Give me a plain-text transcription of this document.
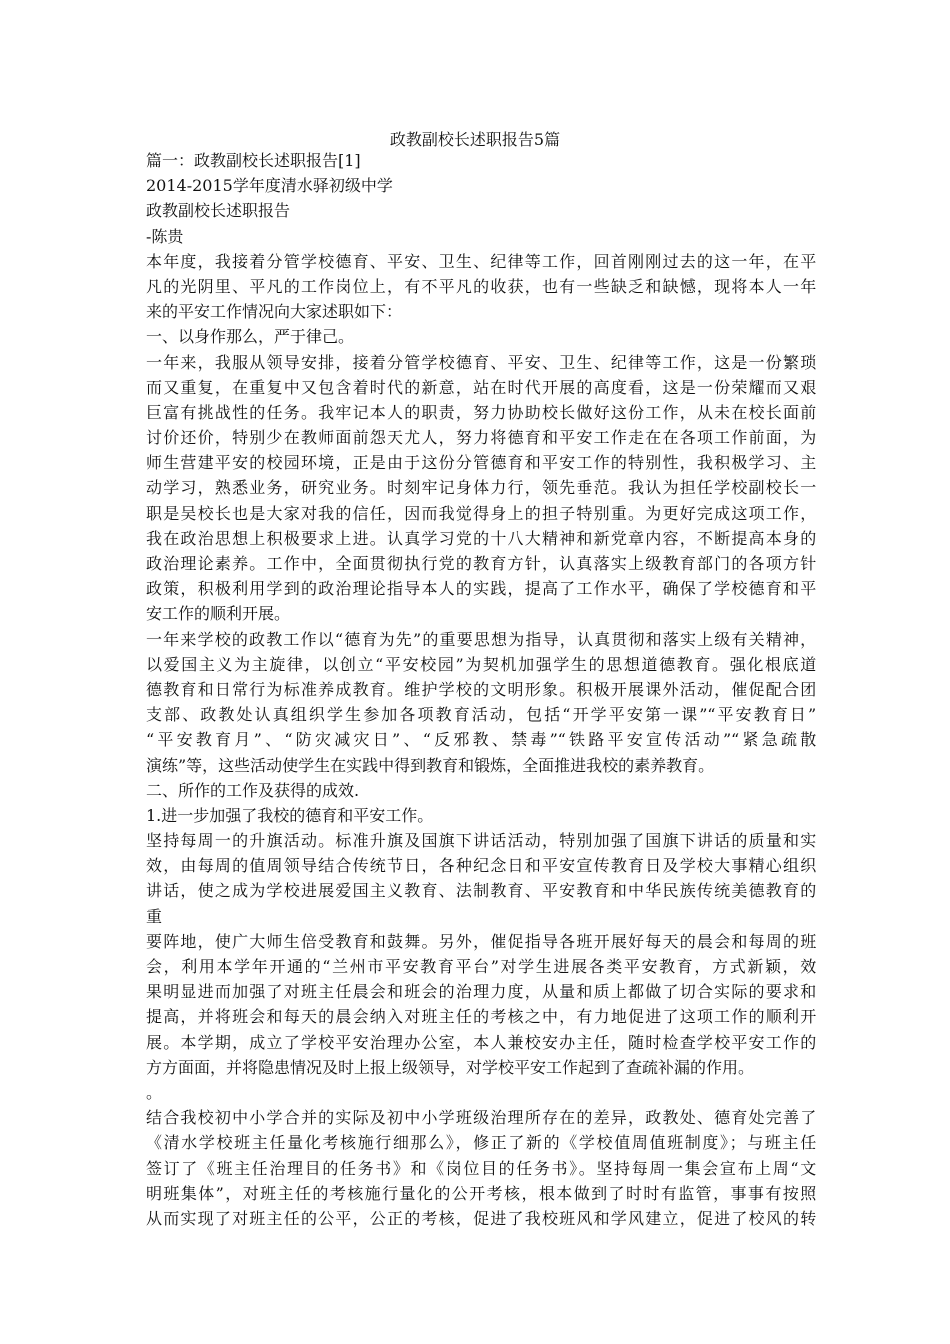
政教副校长述职报告5篇
篇一：政教副校长述职报告[1]
2014-2015学年度清水驿初级中学
政教副校长述职报告
-陈贵
本年度，我接着分管学校德育、平安、卫生、纪律等工作，回首刚刚过去的这一年，在平
凡的光阴里、平凡的工作岗位上，有不平凡的收获，也有一些缺乏和缺憾，现将本人一年
来的平安工作情况向大家述职如下：
一、以身作那么，严于律己。
一年来，我服从领导安排，接着分管学校德育、平安、卫生、纪律等工作，这是一份繁琐
而又重复，在重复中又包含着时代的新意，站在时代开展的高度看，这是一份荣耀而又艰
巨富有挑战性的任务。我牢记本人的职责，努力协助校长做好这份工作，从未在校长面前
讨价还价，特别少在教师面前怨天尤人，努力将德育和平安工作走在在各项工作前面，为
师生营建平安的校园环境，正是由于这份分管德育和平安工作的特别性，我积极学习、主
动学习，熟悉业务，研究业务。时刻牢记身体力行，领先垂范。我认为担任学校副校长一
职是吴校长也是大家对我的信任，因而我觉得身上的担子特别重。为更好完成这项工作，
我在政治思想上积极要求上进。认真学习党的十八大精神和新党章内容，不断提高本身的
政治理论素养。工作中，全面贯彻执行党的教育方针，认真落实上级教育部门的各项方针
政策，积极利用学到的政治理论指导本人的实践，提高了工作水平，确保了学校德育和平
安工作的顺利开展。
一年来学校的政教工作以“德育为先”的重要思想为指导，认真贯彻和落实上级有关精神，
以爱国主义为主旋律，以创立“平安校园”为契机加强学生的思想道德教育。强化根底道
德教育和日常行为标准养成教育。维护学校的文明形象。积极开展课外活动，催促配合团
支部、政教处认真组织学生参加各项教育活动，包括“开学平安第一课”“平安教育日”
“平安教育月”、“防灾减灾日”、“反邪教、禁毒”“铁路平安宣传活动”“紧急疏散
演练”等，这些活动使学生在实践中得到教育和锻炼，全面推进我校的素养教育。
二、所作的工作及获得的成效.
1.进一步加强了我校的德育和平安工作。
坚持每周一的升旗活动。标准升旗及国旗下讲话活动，特别加强了国旗下讲话的质量和实
效，由每周的值周领导结合传统节日，各种纪念日和平安宣传教育日及学校大事精心组织
讲话，使之成为学校进展爱国主义教育、法制教育、平安教育和中华民族传统美德教育的
重
要阵地，使广大师生倍受教育和鼓舞。另外，催促指导各班开展好每天的晨会和每周的班
会，利用本学年开通的“兰州市平安教育平台”对学生进展各类平安教育，方式新颖，效
果明显进而加强了对班主任晨会和班会的治理力度，从量和质上都做了切合实际的要求和
提高，并将班会和每天的晨会纳入对班主任的考核之中，有力地促进了这项工作的顺利开
展。本学期，成立了学校平安治理办公室，本人兼校安办主任，随时检查学校平安工作的
方方面面，并将隐患情况及时上报上级领导，对学校平安工作起到了查疏补漏的作用。
。
结合我校初中小学合并的实际及初中小学班级治理所存在的差异，政教处、德育处完善了
《清水学校班主任量化考核施行细那么》，修正了新的《学校值周值班制度》；与班主任
签订了《班主任治理目的任务书》和《岗位目的任务书》。坚持每周一集会宣布上周“文
明班集体”，对班主任的考核施行量化的公开考核，根本做到了时时有监管，事事有按照
从而实现了对班主任的公平，公正的考核，促进了我校班风和学风建立，促进了校风的转
